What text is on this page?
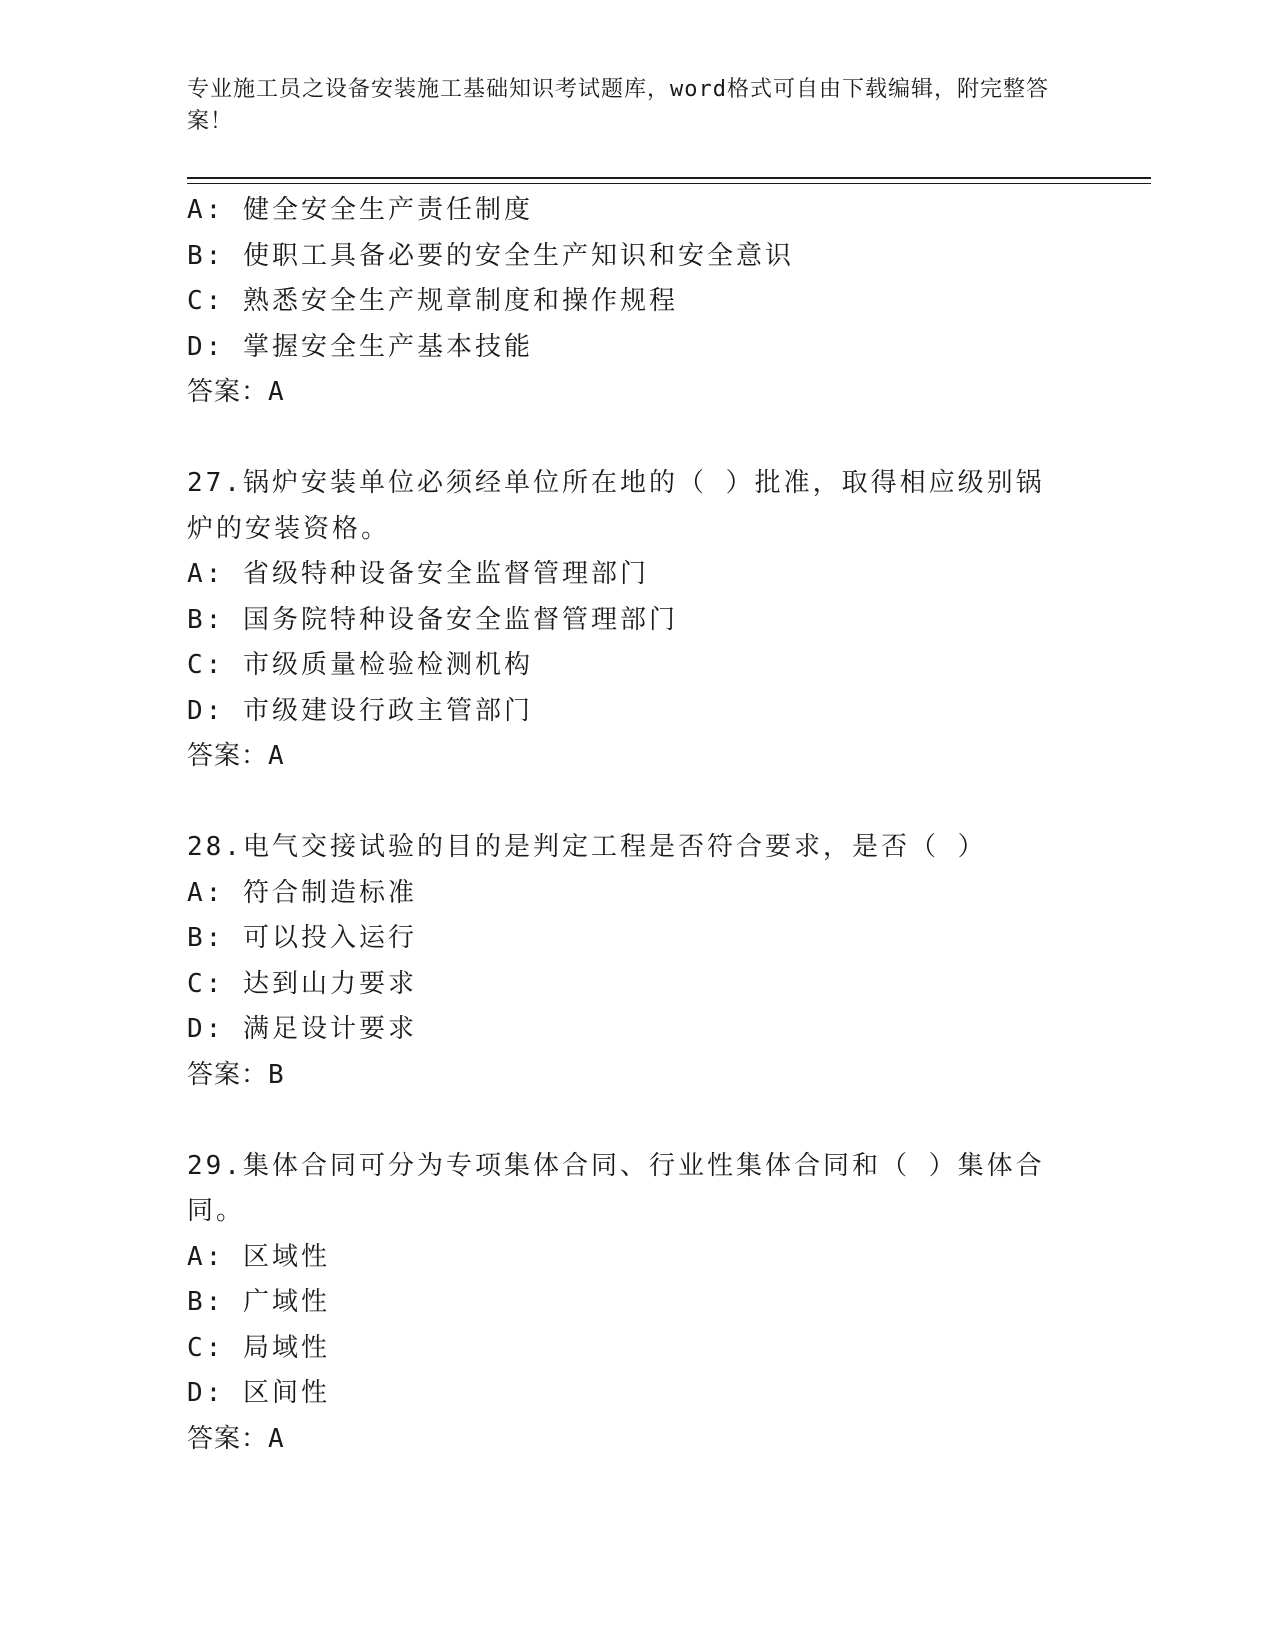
专业施工员之设备安装施工基础知识考试题库，word格式可自由下载编辑，附完整答案！
A: 健全安全生产责任制度
B: 使职工具备必要的安全生产知识和安全意识
C: 熟悉安全生产规章制度和操作规程
D: 掌握安全生产基本技能
答案：A
27.锅炉安装单位必须经单位所在地的（ ）批准，取得相应级别锅炉的安装资格。
A: 省级特种设备安全监督管理部门
B: 国务院特种设备安全监督管理部门
C: 市级质量检验检测机构
D: 市级建设行政主管部门
答案：A
28.电气交接试验的目的是判定工程是否符合要求，是否（ ）
A: 符合制造标准
B: 可以投入运行
C: 达到山力要求
D: 满足设计要求
答案：B
29.集体合同可分为专项集体合同、行业性集体合同和（ ）集体合同。
A: 区域性
B: 广域性
C: 局域性
D: 区间性
答案：A
